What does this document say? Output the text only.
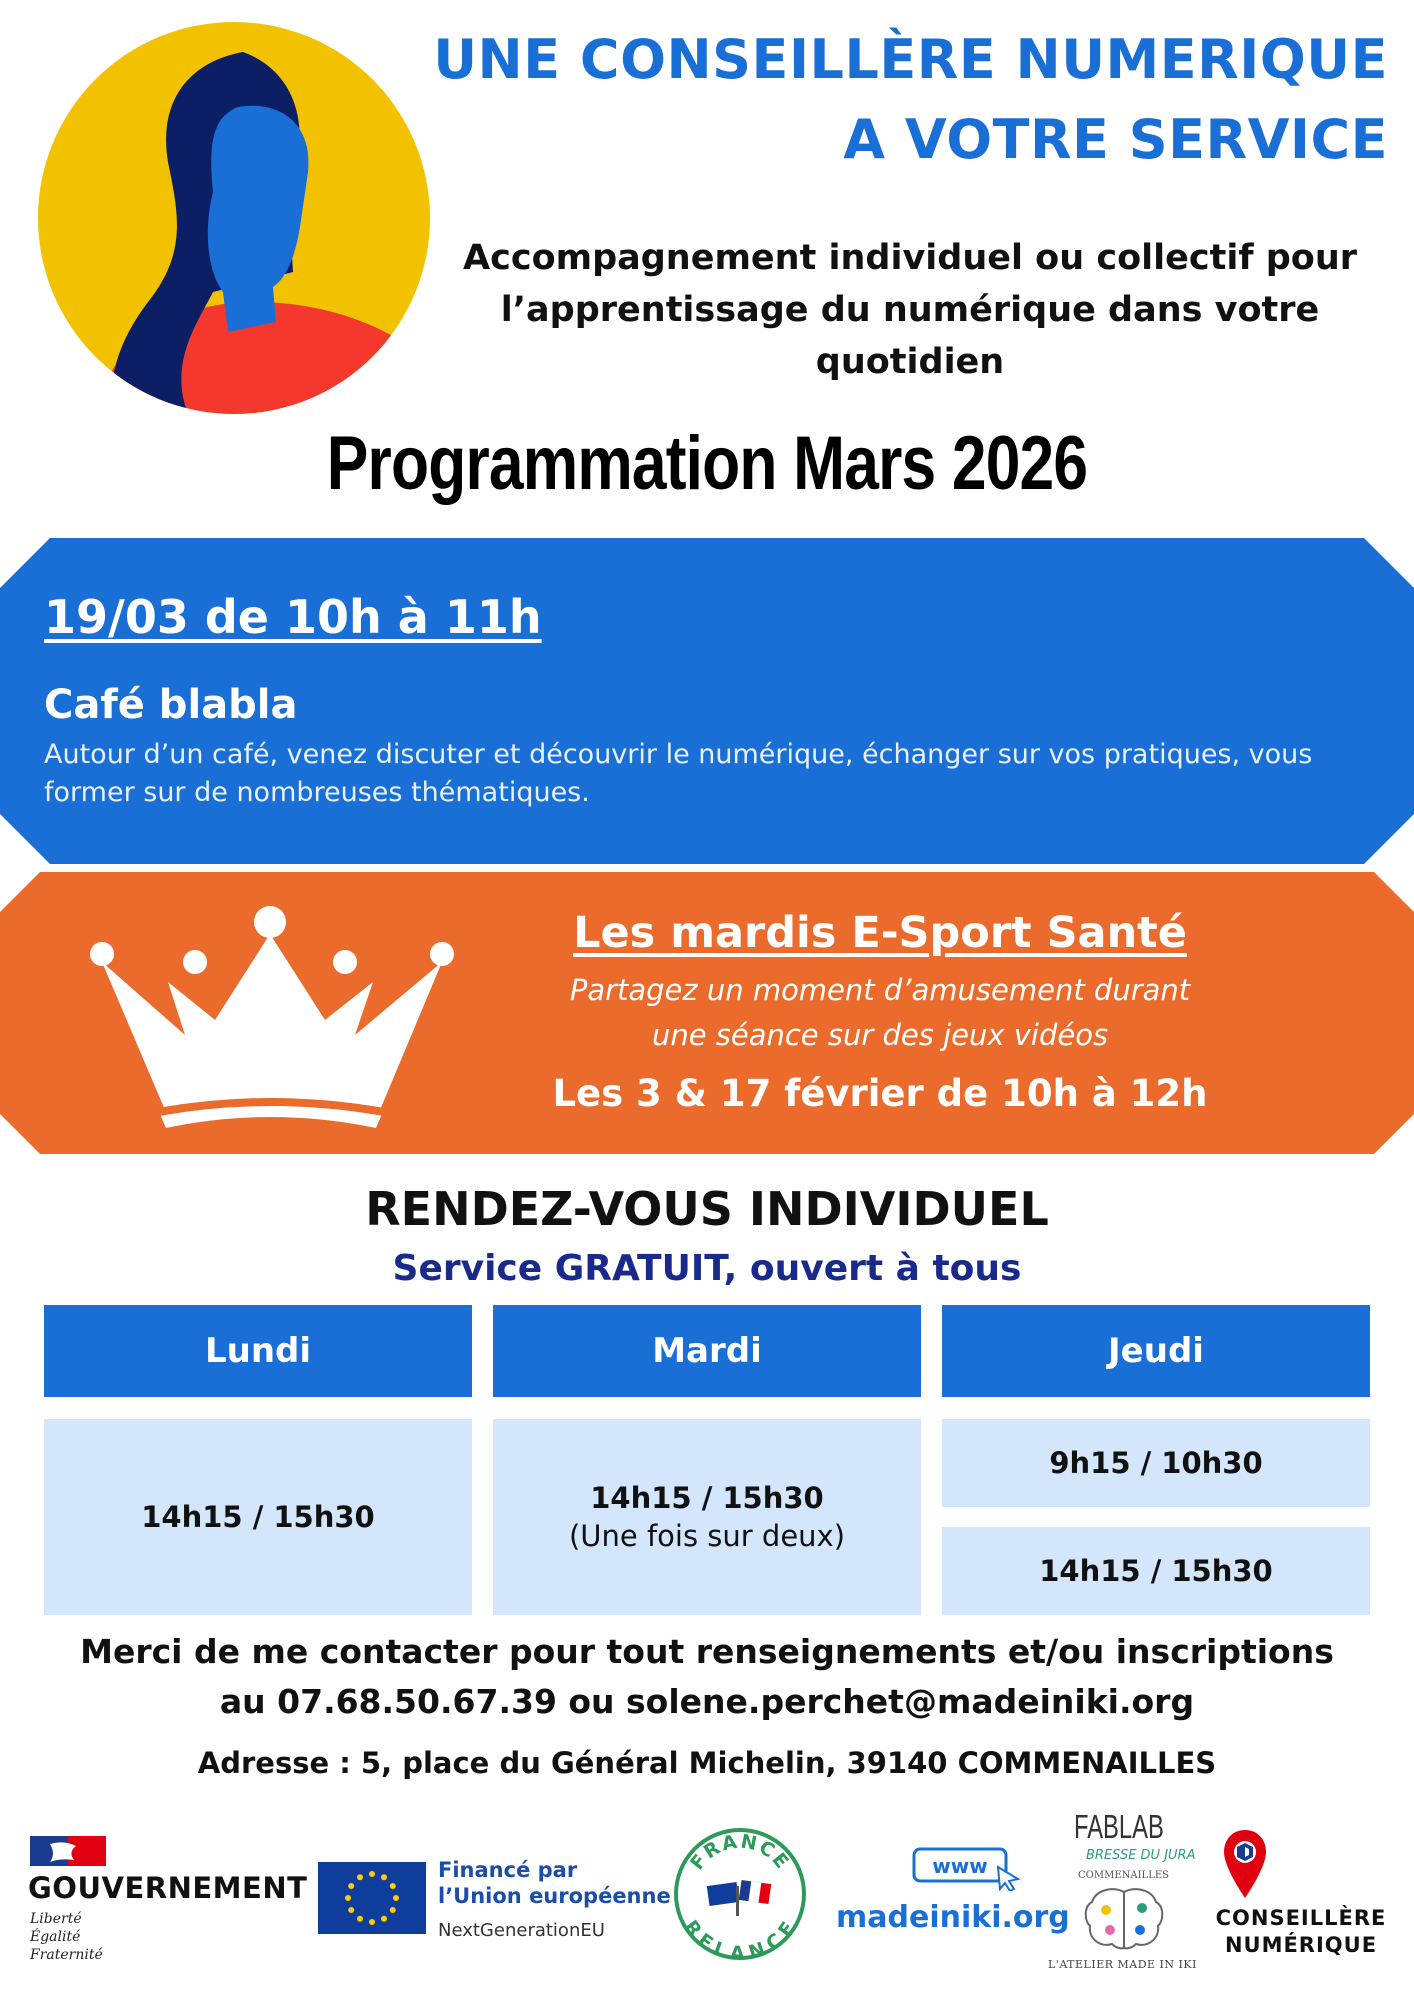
UNE CONSEILLÈRE NUMERIQUE
A VOTRE SERVICE
Accompagnement individuel ou collectif pour l’apprentissage du numérique dans votre quotidien
Programmation Mars 2026
19/03 de 10h à 11h
Café blabla
Autour d’un café, venez discuter et découvrir le numérique, échanger sur vos pratiques, vous former sur de nombreuses thématiques.
Les mardis E-Sport Santé
Partagez un moment d’amusement durant
une séance sur des jeux vidéos
Les 3 & 17 février de 10h à 12h
RENDEZ-VOUS INDIVIDUEL
Service GRATUIT, ouvert à tous
Lundi	Mardi	Jeudi
14h15 / 15h30
14h15 / 15h30
(Une fois sur deux)
9h15 / 10h30
14h15 / 15h30
Merci de me contacter pour tout renseignements et/ou inscriptions
au 07.68.50.67.39 ou solene.perchet@madeiniki.org
Adresse : 5, place du Général Michelin, 39140 COMMENAILLES
GOUVERNEMENT
Liberté
Égalité
Fraternité
Financé par
l’Union européenne
NextGenerationEU
FRANCE
RELANCE
www
madeiniki.org
FABLAB
BRESSE DU JURA
COMMENAILLES
L'ATELIER MADE IN IKI
CONSEILLÈRE
NUMÉRIQUE
